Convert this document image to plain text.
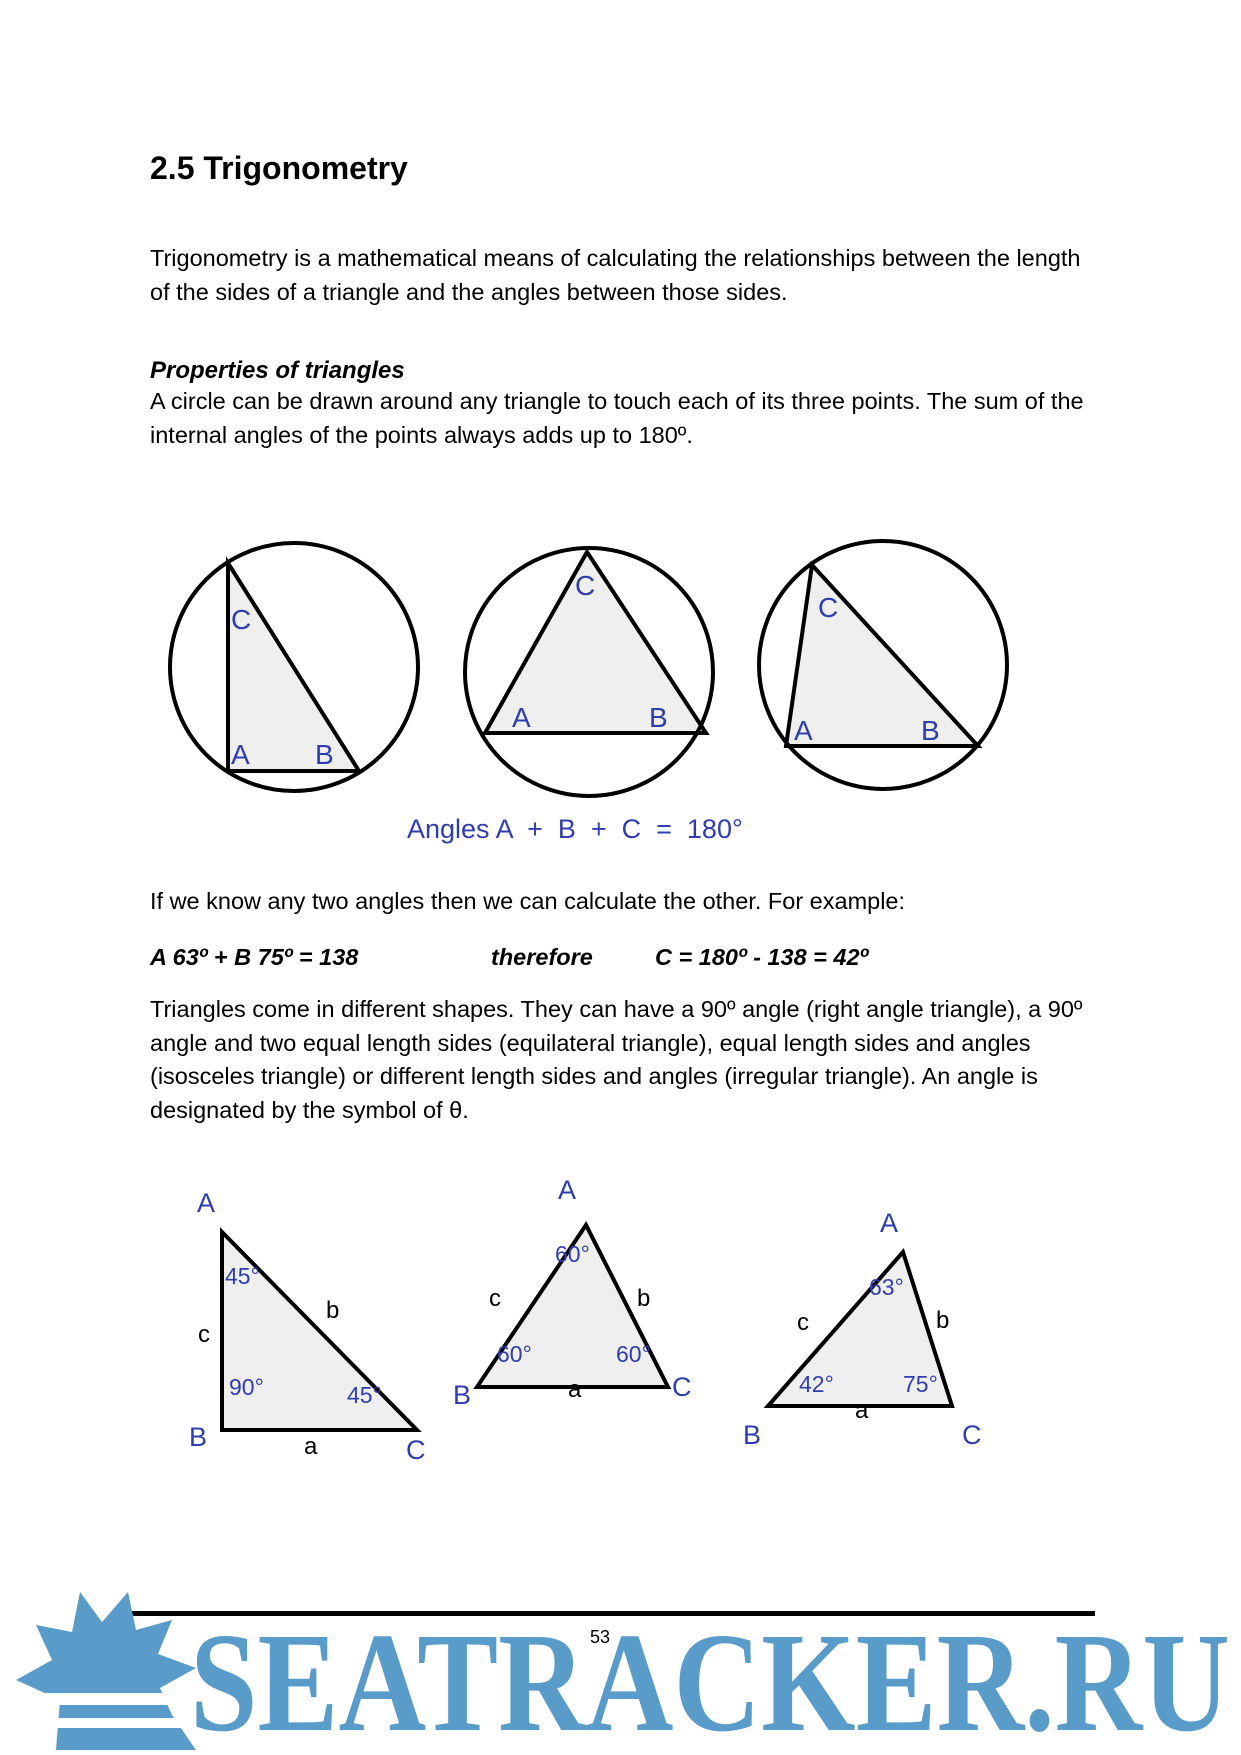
2.5 Trigonometry

Trigonometry is a mathematical means of calculating the relationships between the length of the sides of a triangle and the angles between those sides.

Properties of triangles

A circle can be drawn around any triangle to touch each of its three points. The sum of the internal angles of the points always adds up to 180º.

C
A B
C
A	B
C
A	B
Angles A  +  B  +  C  =  180°

If we know any two angles then we can calculate the other. For example:

A 63º + B 75º = 138	therefore	C = 180º - 138 = 42º

Triangles come in different shapes. They can have a 90º angle (right angle triangle), a 90º angle and two equal length sides (equilateral triangle), equal length sides and angles (isosceles triangle) or different length sides and angles (irregular triangle). An angle is designated by the symbol of θ.

A
B	C
A
B	C
A
B	C
c
b
a
c	b
a
c	b
a
45°
90°	45°
60°
60°	60°
63°
42°	75°
SEATRACKER.RU
53
